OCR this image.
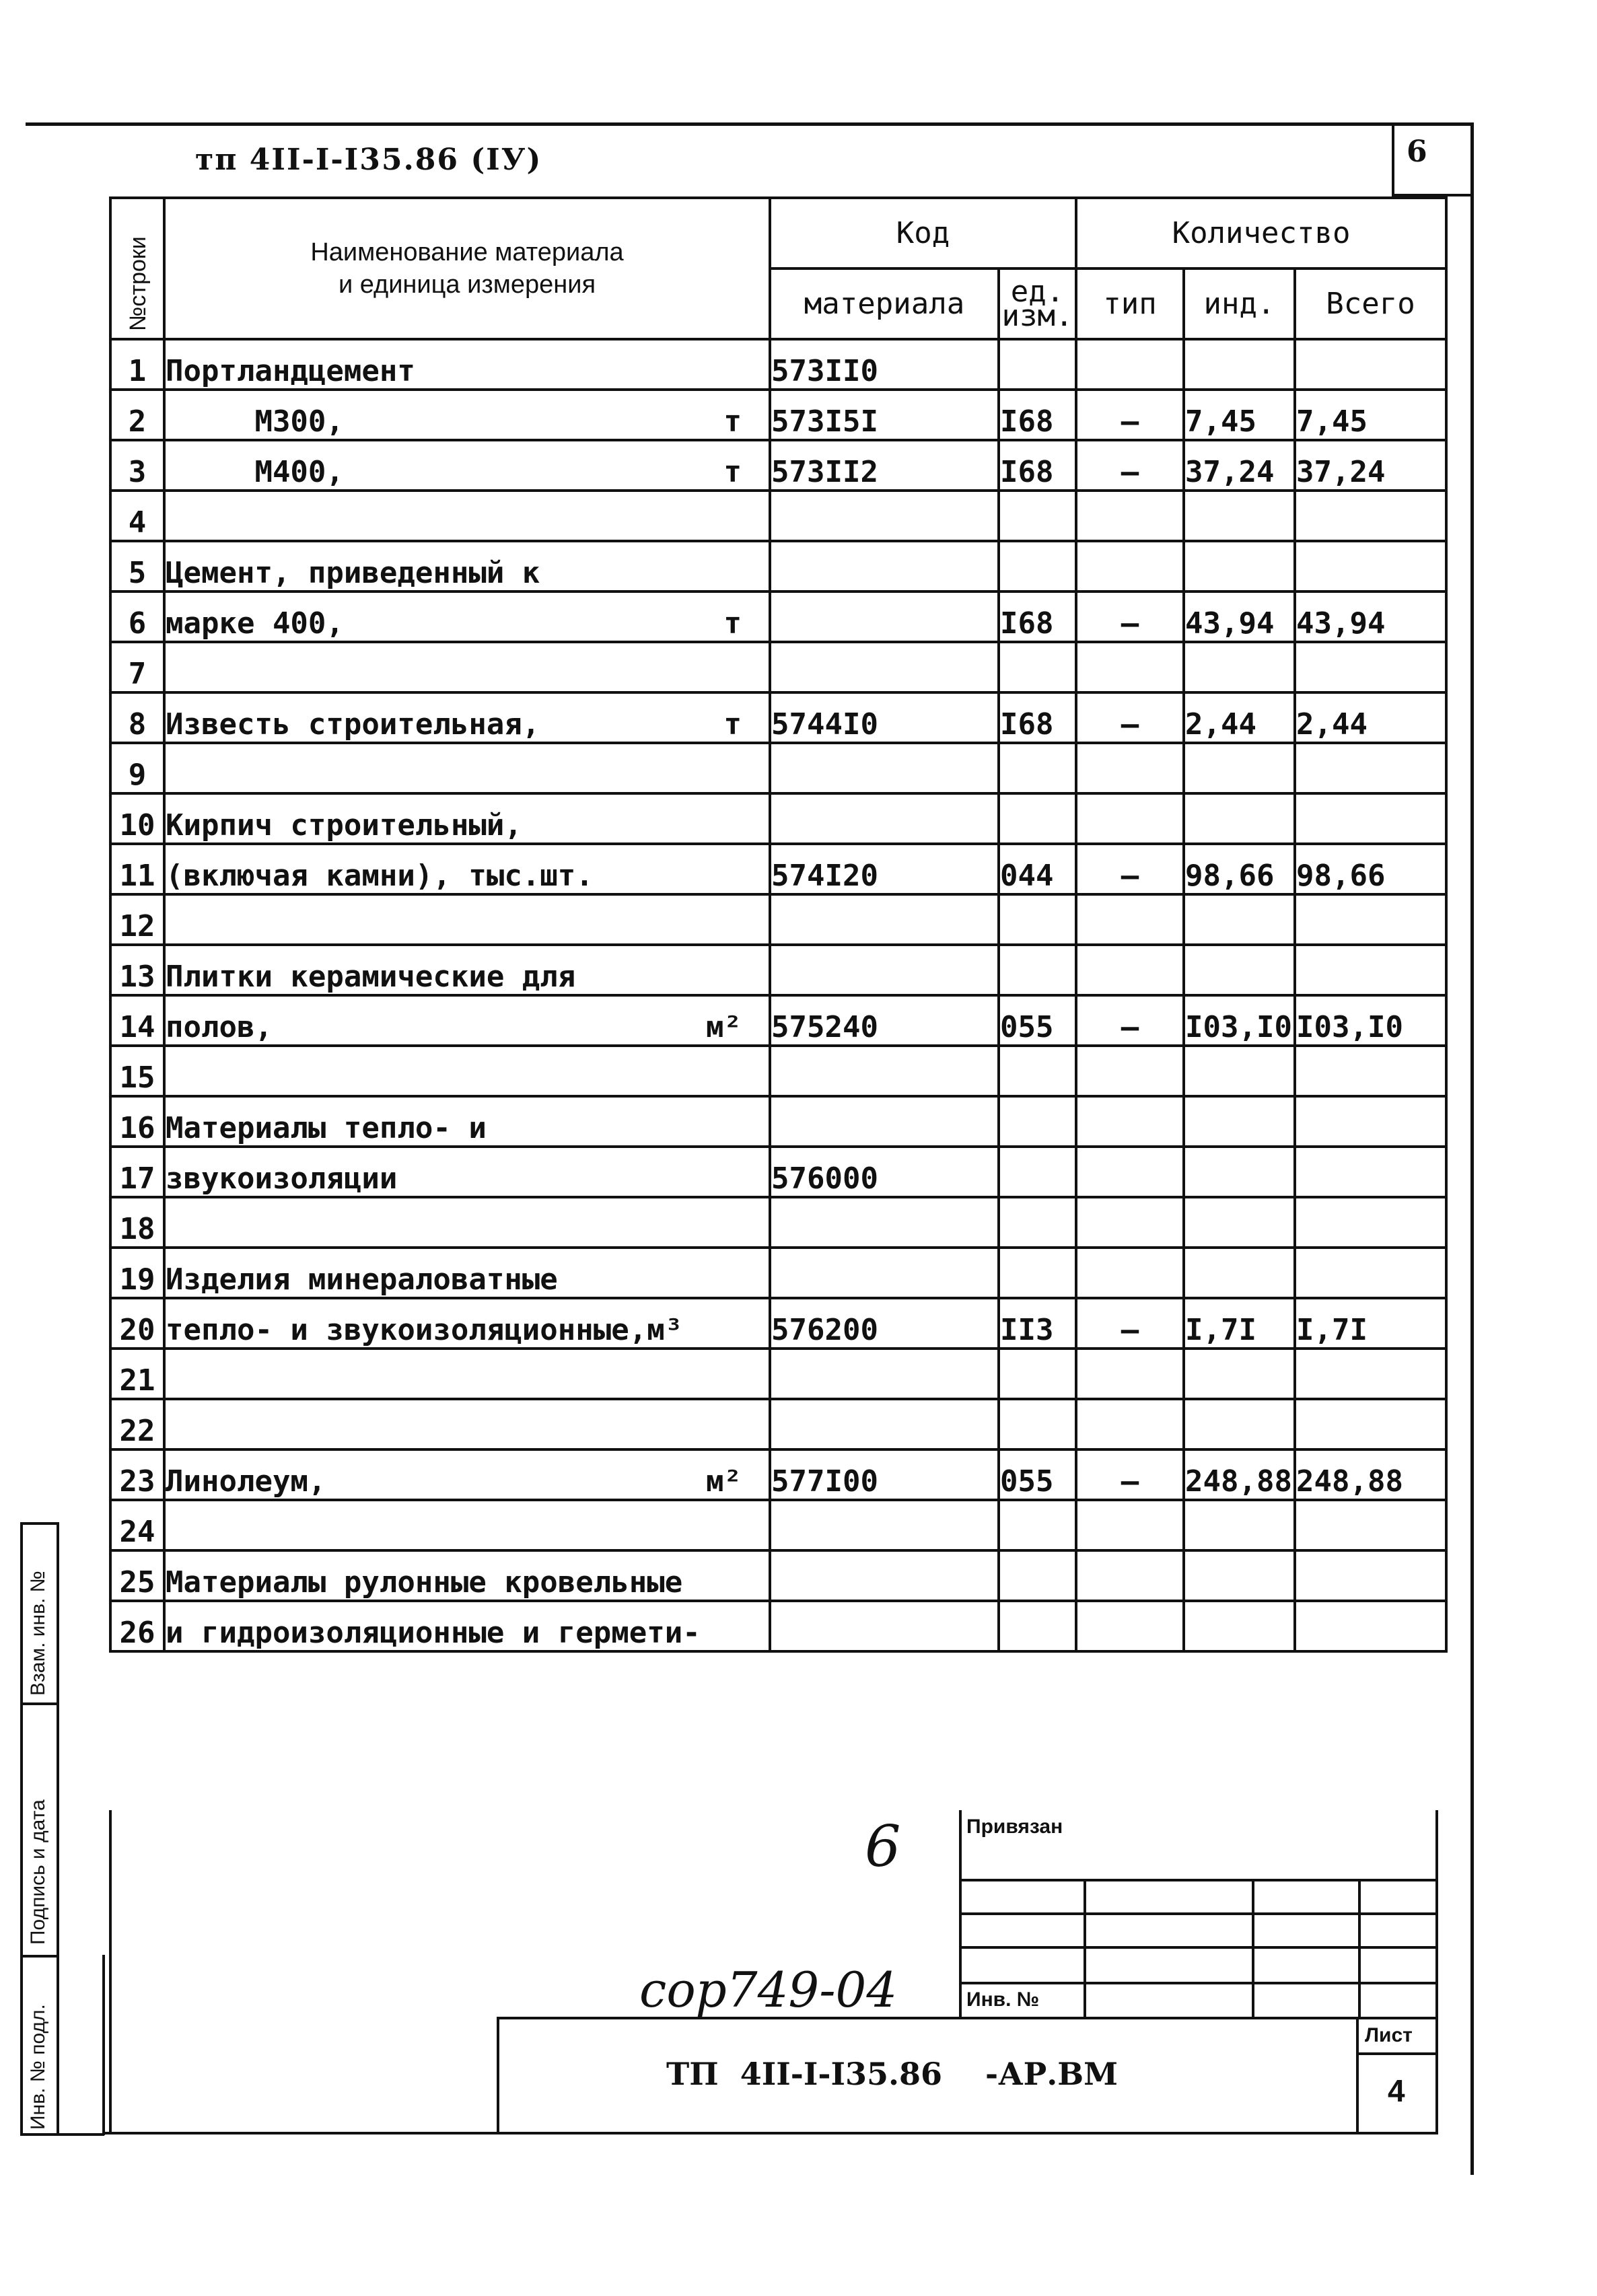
тп 4II-I-I35.86 (IУ)	6
№строки	Наименование материала
и единица измерения	Код		Количество		
		материала	ед. изм.	тип	инд.	Всего
1	Портландцемент	573II0				
2	М300, т	573I5I	I68	–	7,45	7,45
3	М400, т	573II2	I68	–	37,24	37,24
4	

5	Цемент, приведенный к					

6	марке 400, т		I68	–	43,94	43,94
7	

8	Известь строительная, т	5744I0	I68	–	2,44	2,44
9	

10	Кирпич строительный,					

11	(включая камни), тыс.шт.	574I20	044	–	98,66	98,66
12	

13	Плитки керамические для					

14	полов, м²	575240	055	–	I03,I0	I03,I0
15	

16	Материалы тепло- и					

17	звукоизоляции	576000				
18	

19	Изделия минераловатные					

20	тепло- и звукоизоляционные,м³	576200	II3	–	I,7I	I,7I
21	

22	

23	Линолеум, м²	577I00	055	–	248,88	248,88
24	

25	Материалы рулонные кровельные					

26	и гидроизоляционные и гермети-					

Взам. инв. №
Подпись и дата
Инв. № подл.
6
cop749-04
Привязан
Инв. №
ТП  4II-I-I35.86    -АР.ВМ
Лист
4
